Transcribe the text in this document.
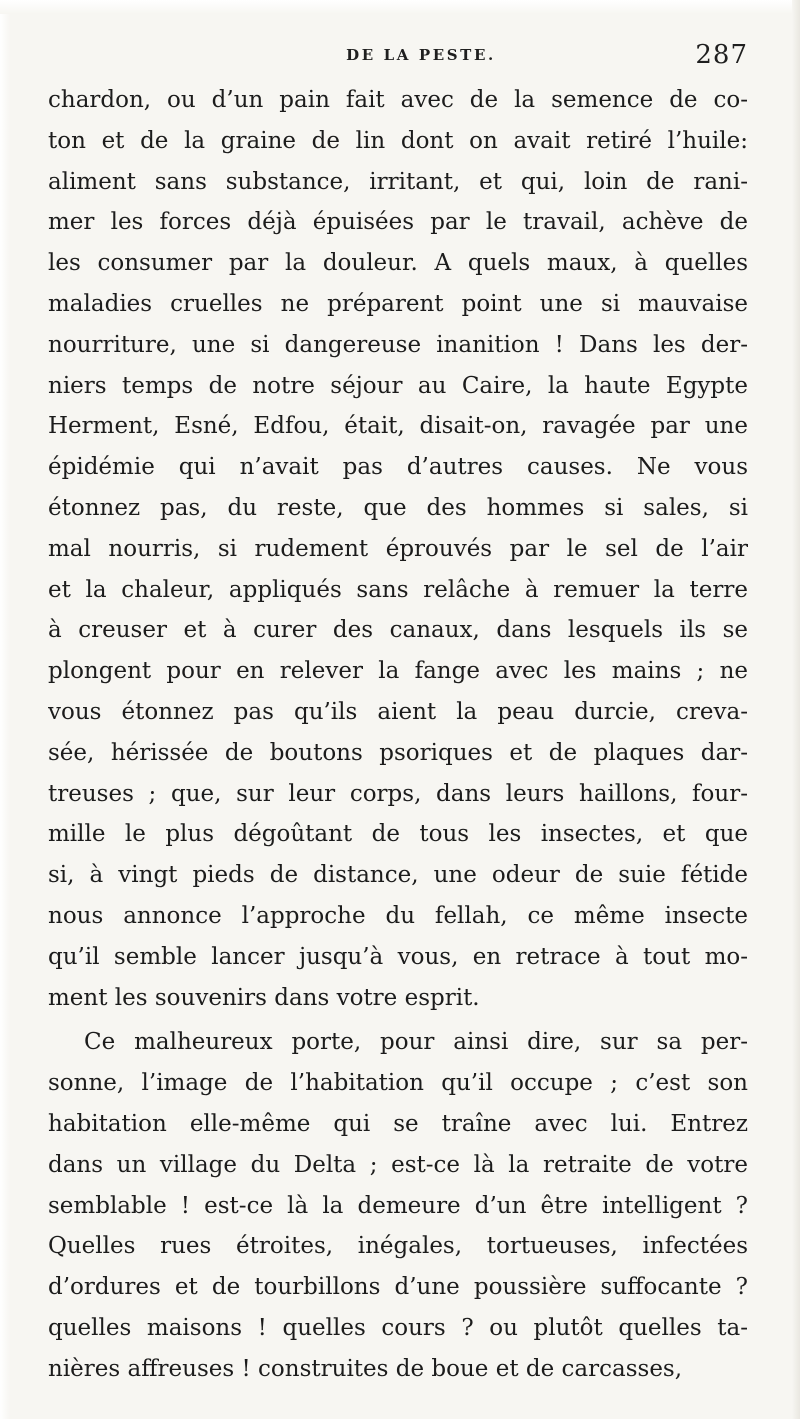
DE LA PESTE.	287
chardon, ou d’un pain fait avec de la semence de co-
ton et de la graine de lin dont on avait retiré l’huile:
aliment sans substance, irritant, et qui, loin de rani-
mer les forces déjà épuisées par le travail, achève de
les consumer par la douleur. A quels maux, à quelles
maladies cruelles ne préparent point une si mauvaise
nourriture, une si dangereuse inanition ! Dans les der-
niers temps de notre séjour au Caire, la haute Egypte
Herment, Esné, Edfou, était, disait-on, ravagée par une
épidémie qui n’avait pas d’autres causes. Ne vous
étonnez pas, du reste, que des hommes si sales, si
mal nourris, si rudement éprouvés par le sel de l’air
et la chaleur, appliqués sans relâche à remuer la terre
à creuser et à curer des canaux, dans lesquels ils se
plongent pour en relever la fange avec les mains ; ne
vous étonnez pas qu’ils aient la peau durcie, creva-
sée, hérissée de boutons psoriques et de plaques dar-
treuses ; que, sur leur corps, dans leurs haillons, four-
mille le plus dégoûtant de tous les insectes, et que
si, à vingt pieds de distance, une odeur de suie fétide
nous annonce l’approche du fellah, ce même insecte
qu’il semble lancer jusqu’à vous, en retrace à tout mo-
ment les souvenirs dans votre esprit.
Ce malheureux porte, pour ainsi dire, sur sa per-
sonne, l’image de l’habitation qu’il occupe ; c’est son
habitation elle-même qui se traîne avec lui. Entrez
dans un village du Delta ; est-ce là la retraite de votre
semblable ! est-ce là la demeure d’un être intelligent ?
Quelles rues étroites, inégales, tortueuses, infectées
d’ordures et de tourbillons d’une poussière suffocante ?
quelles maisons ! quelles cours ? ou plutôt quelles ta-
nières affreuses ! construites de boue et de carcasses,
